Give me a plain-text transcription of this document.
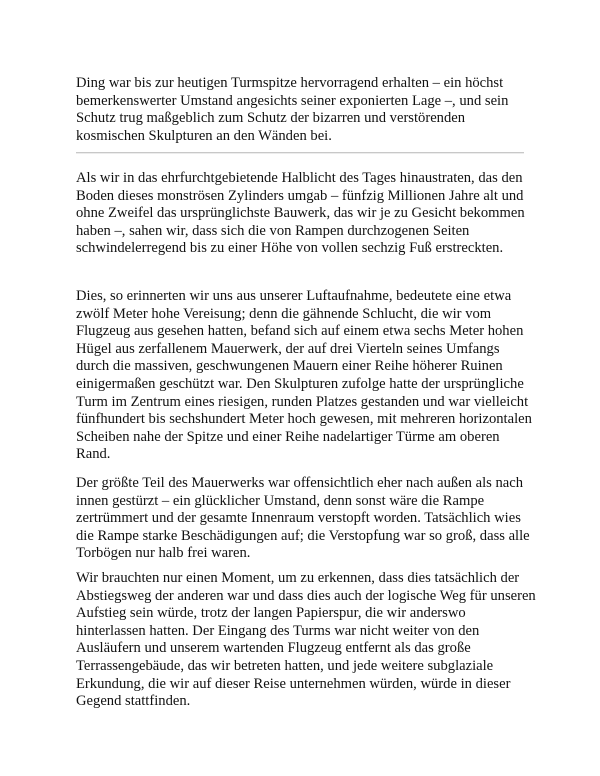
Ding war bis zur heutigen Turmspitze hervorragend erhalten – ein höchst bemerkenswerter Umstand angesichts seiner exponierten Lage –, und sein Schutz trug maßgeblich zum Schutz der bizarren und verstörenden kosmischen Skulpturen an den Wänden bei.

Als wir in das ehrfurchtgebietende Halblicht des Tages hinaustraten, das den Boden dieses monströsen Zylinders umgab – fünfzig Millionen Jahre alt und ohne Zweifel das ursprünglichste Bauwerk, das wir je zu Gesicht bekommen haben –, sahen wir, dass sich die von Rampen durchzogenen Seiten schwindelerregend bis zu einer Höhe von vollen sechzig Fuß erstreckten.

Dies, so erinnerten wir uns aus unserer Luftaufnahme, bedeutete eine etwa zwölf Meter hohe Vereisung; denn die gähnende Schlucht, die wir vom Flugzeug aus gesehen hatten, befand sich auf einem etwa sechs Meter hohen Hügel aus zerfallenem Mauerwerk, der auf drei Vierteln seines Umfangs durch die massiven, geschwungenen Mauern einer Reihe höherer Ruinen einigermaßen geschützt war. Den Skulpturen zufolge hatte der ursprüngliche Turm im Zentrum eines riesigen, runden Platzes gestanden und war vielleicht fünfhundert bis sechshundert Meter hoch gewesen, mit mehreren horizontalen Scheiben nahe der Spitze und einer Reihe nadelartiger Türme am oberen Rand.

Der größte Teil des Mauerwerks war offensichtlich eher nach außen als nach innen gestürzt – ein glücklicher Umstand, denn sonst wäre die Rampe zertrümmert und der gesamte Innenraum verstopft worden. Tatsächlich wies die Rampe starke Beschädigungen auf; die Verstopfung war so groß, dass alle Torbögen nur halb frei waren.

Wir brauchten nur einen Moment, um zu erkennen, dass dies tatsächlich der Abstiegsweg der anderen war und dass dies auch der logische Weg für unseren Aufstieg sein würde, trotz der langen Papierspur, die wir anderswo hinterlassen hatten. Der Eingang des Turms war nicht weiter von den Ausläufern und unserem wartenden Flugzeug entfernt als das große Terrassengebäude, das wir betreten hatten, und jede weitere subglaziale Erkundung, die wir auf dieser Reise unternehmen würden, würde in dieser Gegend stattfinden.
